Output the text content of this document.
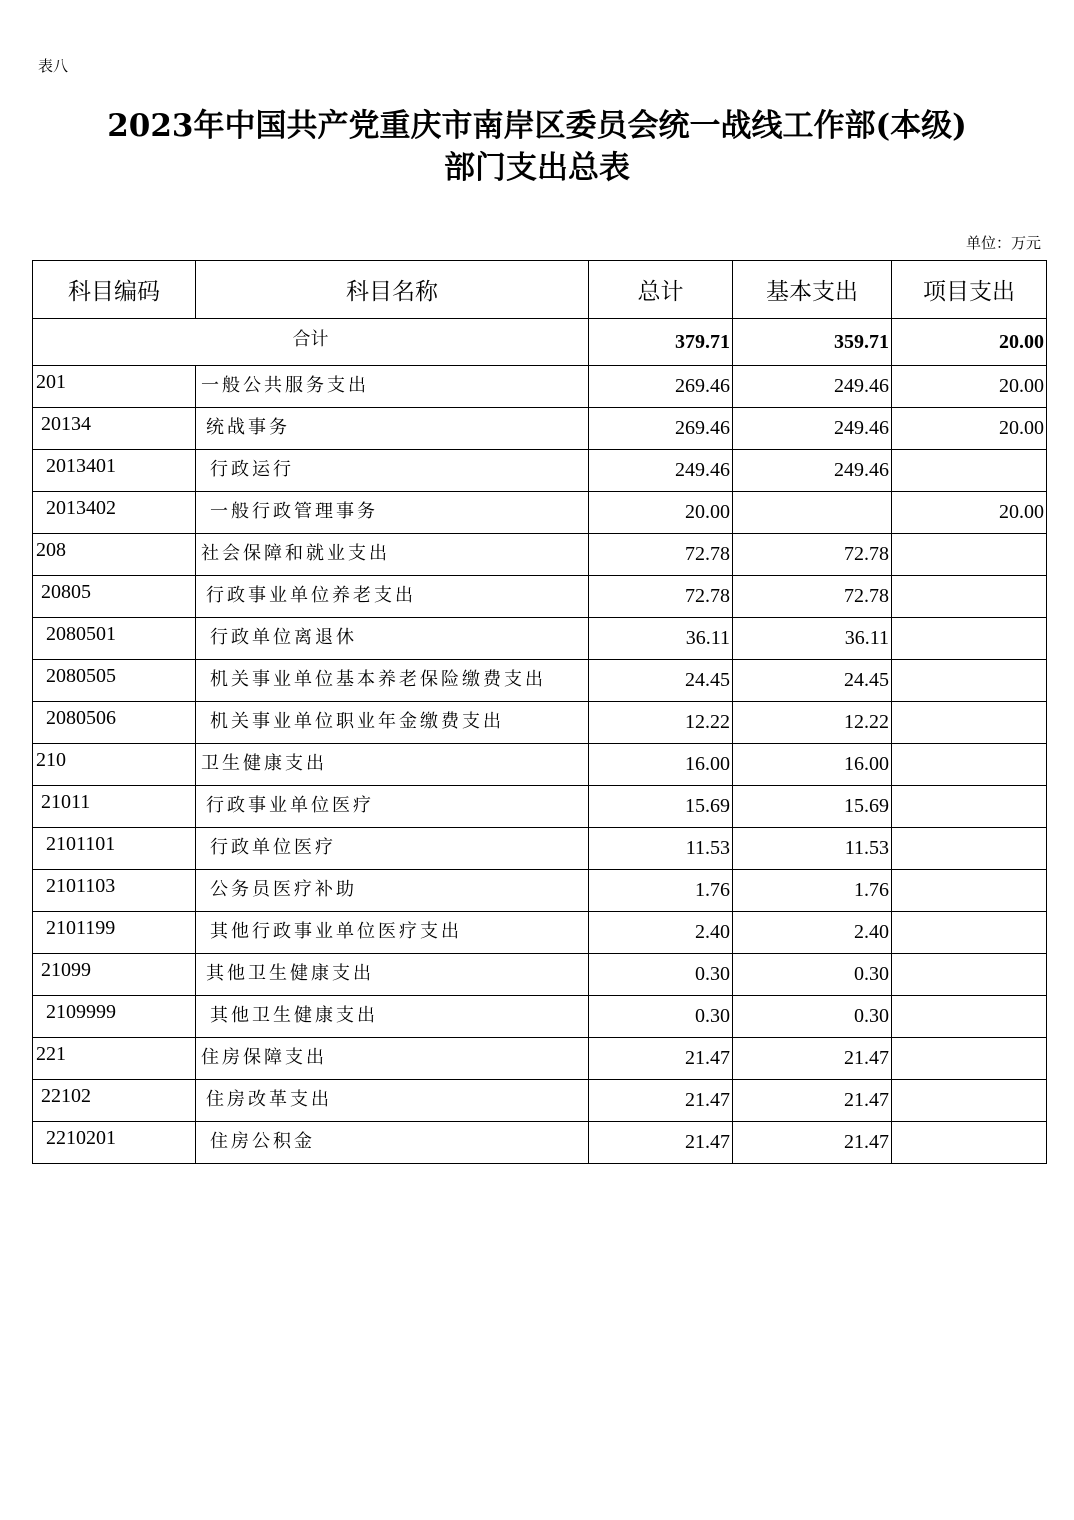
表八
2023年中国共产党重庆市南岸区委员会统一战线工作部(本级)
部门支出总表
单位：万元
科目编码	科目名称	总计	基本支出	项目支出
合计		379.71	359.71	20.00
201	一般公共服务支出	269.46	249.46	20.00
20134	统战事务	269.46	249.46	20.00
2013401	行政运行	249.46	249.46	
2013402	一般行政管理事务	20.00		20.00
208	社会保障和就业支出	72.78	72.78	
20805	行政事业单位养老支出	72.78	72.78	
2080501	行政单位离退休	36.11	36.11	
2080505	机关事业单位基本养老保险缴费支出	24.45	24.45	
2080506	机关事业单位职业年金缴费支出	12.22	12.22	
210	卫生健康支出	16.00	16.00	
21011	行政事业单位医疗	15.69	15.69	
2101101	行政单位医疗	11.53	11.53	
2101103	公务员医疗补助	1.76	1.76	
2101199	其他行政事业单位医疗支出	2.40	2.40	
21099	其他卫生健康支出	0.30	0.30	
2109999	其他卫生健康支出	0.30	0.30	
221	住房保障支出	21.47	21.47	
22102	住房改革支出	21.47	21.47	
2210201	住房公积金	21.47	21.47	
